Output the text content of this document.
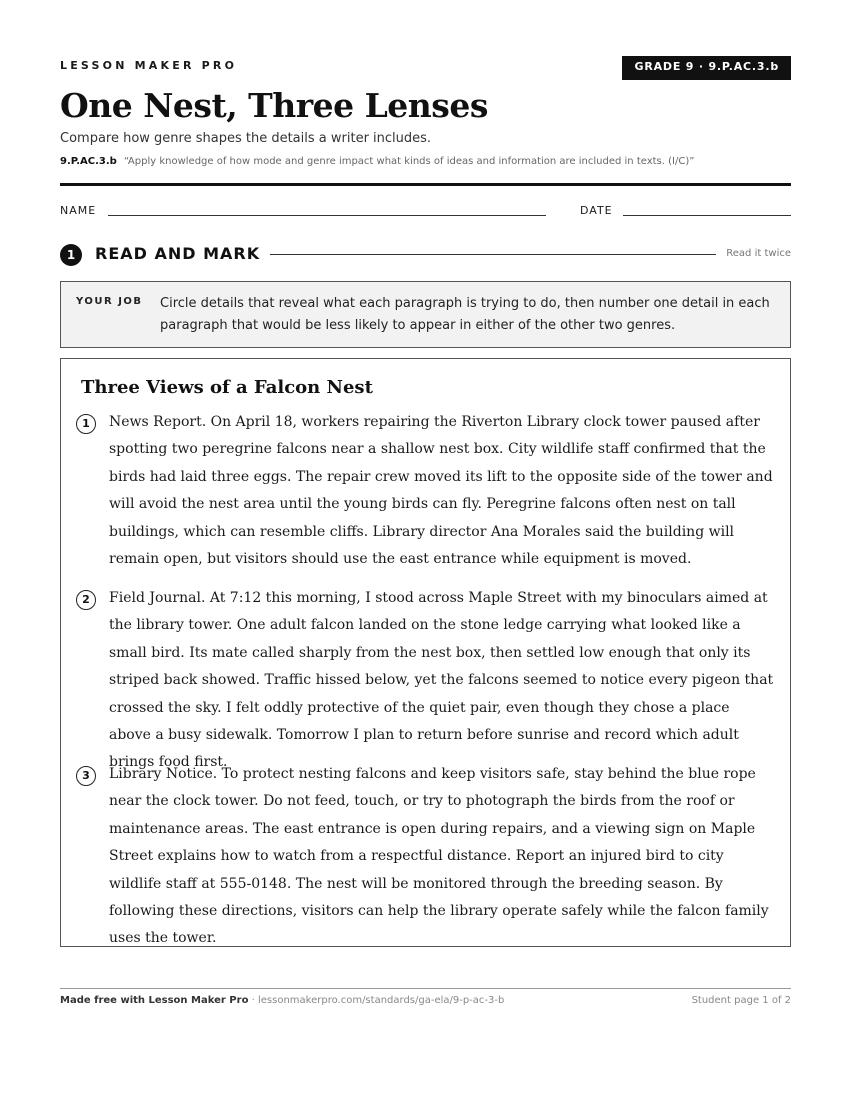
LESSON MAKER PRO	GRADE 9 · 9.P.AC.3.b
One Nest, Three Lenses
Compare how genre shapes the details a writer includes.
9.P.AC.3.b “Apply knowledge of how mode and genre impact what kinds of ideas and information are included in texts. (I/C)”
NAME	DATE
1	READ AND MARK	Read it twice
YOUR JOB Circle details that reveal what each paragraph is trying to do, then number one detail in each paragraph that would be less likely to appear in either of the other two genres.
Three Views of a Falcon Nest
1	News Report. On April 18, workers repairing the Riverton Library clock tower paused after spotting two peregrine falcons near a shallow nest box. City wildlife staff confirmed that the birds had laid three eggs. The repair crew moved its lift to the opposite side of the tower and will avoid the nest area until the young birds can fly. Peregrine falcons often nest on tall buildings, which can resemble cliffs. Library director Ana Morales said the building will remain open, but visitors should use the east entrance while equipment is moved.
2	Field Journal. At 7:12 this morning, I stood across Maple Street with my binoculars aimed at the library tower. One adult falcon landed on the stone ledge carrying what looked like a small bird. Its mate called sharply from the nest box, then settled low enough that only its striped back showed. Traffic hissed below, yet the falcons seemed to notice every pigeon that crossed the sky. I felt oddly protective of the quiet pair, even though they chose a place above a busy sidewalk. Tomorrow I plan to return before sunrise and record which adult brings food first.
3	Library Notice. To protect nesting falcons and keep visitors safe, stay behind the blue rope near the clock tower. Do not feed, touch, or try to photograph the birds from the roof or maintenance areas. The east entrance is open during repairs, and a viewing sign on Maple Street explains how to watch from a respectful distance. Report an injured bird to city wildlife staff at 555-0148. The nest will be monitored through the breeding season. By following these directions, visitors can help the library operate safely while the falcon family uses the tower.
Made free with Lesson Maker Pro · lessonmakerpro.com/standards/ga-ela/9-p-ac-3-b	Student page 1 of 2
